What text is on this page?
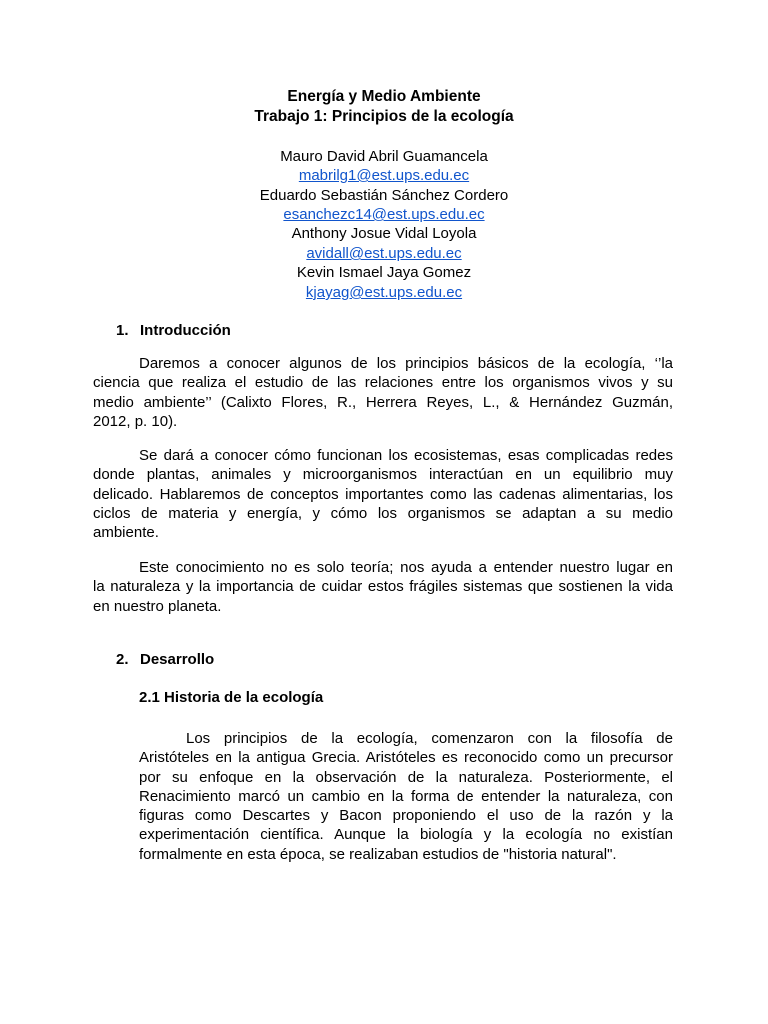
Energía y Medio Ambiente
Trabajo 1: Principios de la ecología
Mauro David Abril Guamancela
mabrilg1@est.ups.edu.ec
Eduardo Sebastián Sánchez Cordero
esanchezc14@est.ups.edu.ec
Anthony Josue Vidal Loyola
avidall@est.ups.edu.ec
Kevin Ismael Jaya Gomez
kjayag@est.ups.edu.ec
1. Introducción
Daremos a conocer algunos de los principios básicos de la ecología, ‘’la
ciencia que realiza el estudio de las relaciones entre los organismos vivos y su
medio ambiente’’ (Calixto Flores, R., Herrera Reyes, L., & Hernández Guzmán,
2012, p. 10).
Se dará a conocer cómo funcionan los ecosistemas, esas complicadas redes
donde plantas, animales y microorganismos interactúan en un equilibrio muy
delicado. Hablaremos de conceptos importantes como las cadenas alimentarias, los
ciclos de materia y energía, y cómo los organismos se adaptan a su medio
ambiente.
Este conocimiento no es solo teoría; nos ayuda a entender nuestro lugar en
la naturaleza y la importancia de cuidar estos frágiles sistemas que sostienen la vida
en nuestro planeta.
2. Desarrollo
2.1 Historia de la ecología
Los principios de la ecología, comenzaron con la filosofía de
Aristóteles en la antigua Grecia. Aristóteles es reconocido como un precursor
por su enfoque en la observación de la naturaleza. Posteriormente, el
Renacimiento marcó un cambio en la forma de entender la naturaleza, con
figuras como Descartes y Bacon proponiendo el uso de la razón y la
experimentación científica. Aunque la biología y la ecología no existían
formalmente en esta época, se realizaban estudios de "historia natural".
